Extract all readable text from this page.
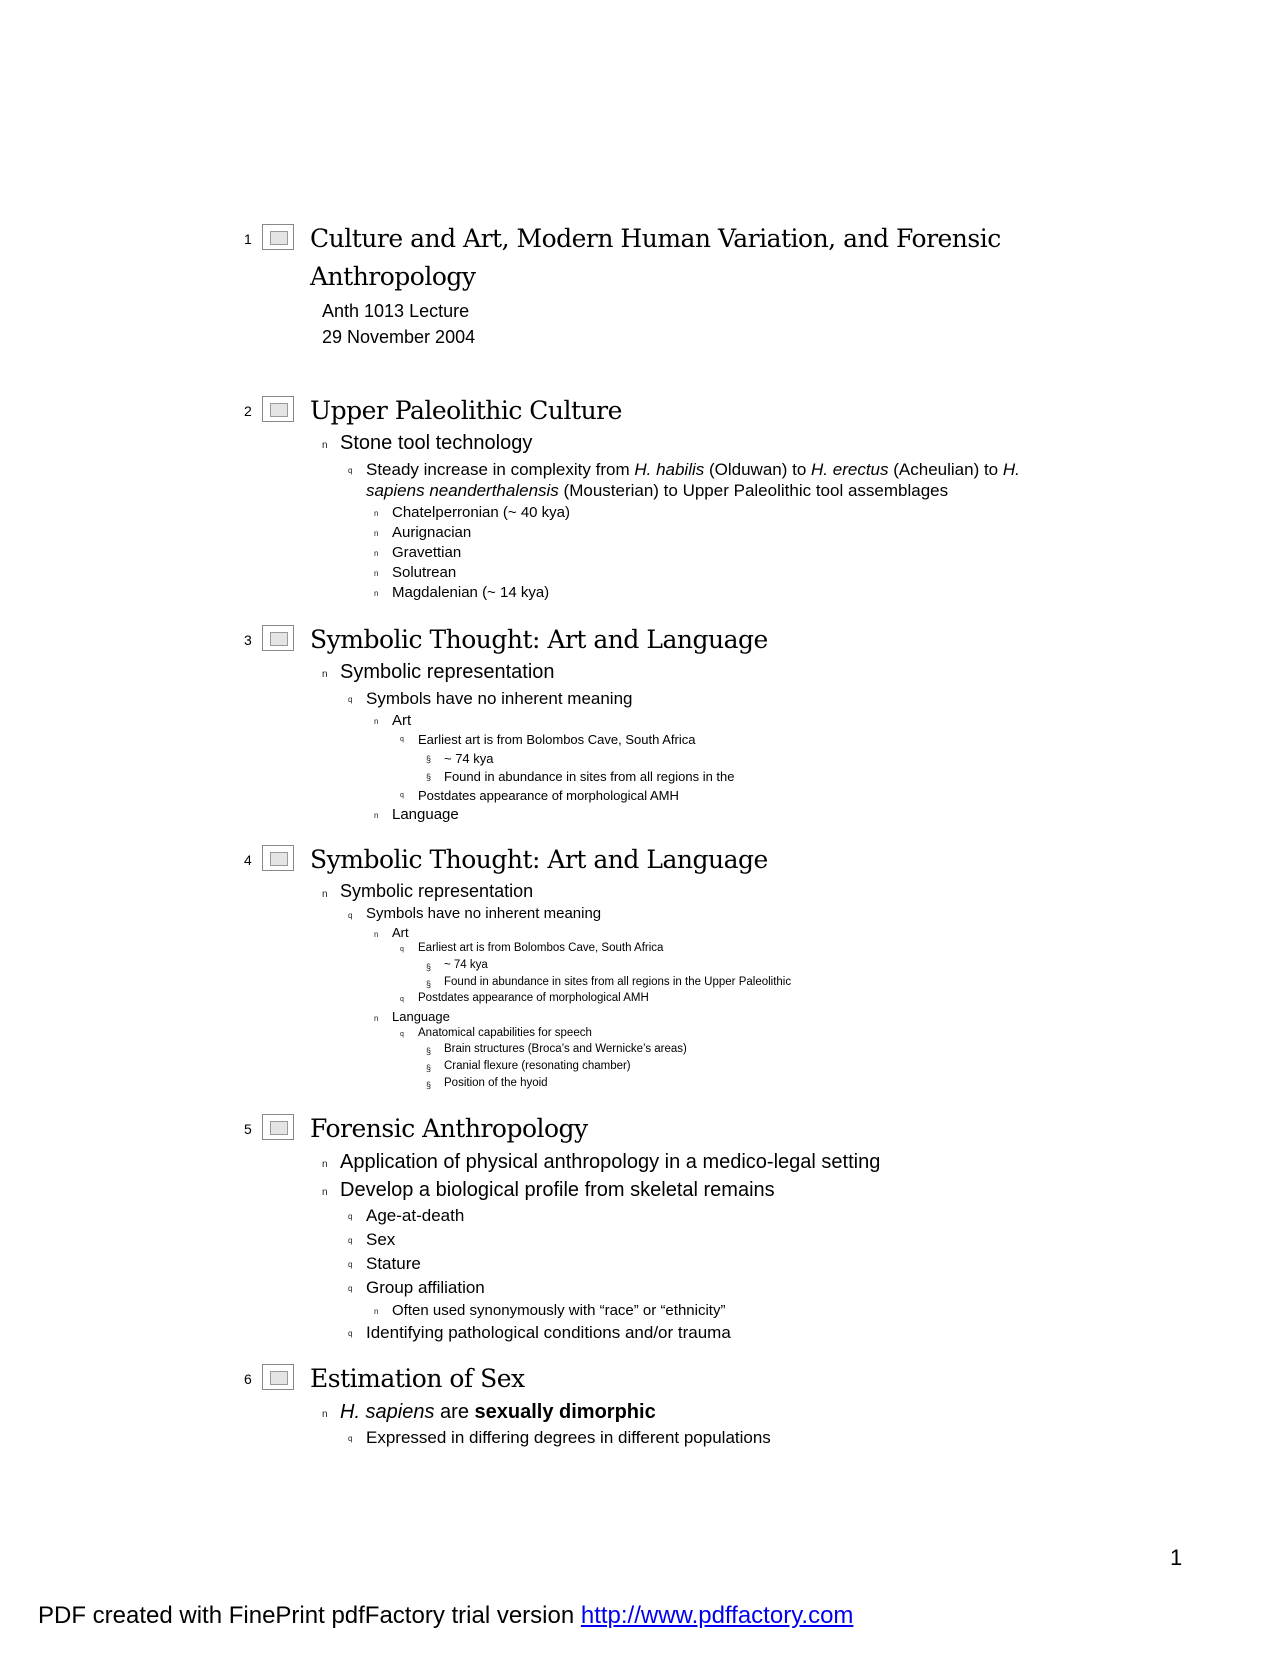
1 Culture and Art, Modern Human Variation, and Forensic
Anthropology
Anth 1013 Lecture
29 November 2004
2 Upper Paleolithic Culture
n Stone tool technology
q Steady increase in complexity from H. habilis (Olduwan) to H. erectus (Acheulian) to H.
sapiens neanderthalensis (Mousterian) to Upper Paleolithic tool assemblages
n Chatelperronian (~ 40 kya)
n Aurignacian
n Gravettian
n Solutrean
n Magdalenian (~ 14 kya)
3 Symbolic Thought: Art and Language
n Symbolic representation
q Symbols have no inherent meaning
n Art
q Earliest art is from Bolombos Cave, South Africa
§ ~ 74 kya
§ Found in abundance in sites from all regions in the
q Postdates appearance of morphological AMH
n Language
4 Symbolic Thought: Art and Language
n Symbolic representation
q Symbols have no inherent meaning
n Art
q Earliest art is from Bolombos Cave, South Africa
§ ~ 74 kya
§ Found in abundance in sites from all regions in the Upper Paleolithic
q Postdates appearance of morphological AMH
n Language
q Anatomical capabilities for speech
§ Brain structures (Broca’s and Wernicke’s areas)
§ Cranial flexure (resonating chamber)
§ Position of the hyoid
5 Forensic Anthropology
n Application of physical anthropology in a medico-legal setting
n Develop a biological profile from skeletal remains
q Age-at-death
q Sex
q Stature
q Group affiliation
n Often used synonymously with “race” or “ethnicity”
q Identifying pathological conditions and/or trauma
6 Estimation of Sex
n H. sapiens are sexually dimorphic
q Expressed in differing degrees in different populations
1
PDF created with FinePrint pdfFactory trial version http://www.pdffactory.com
